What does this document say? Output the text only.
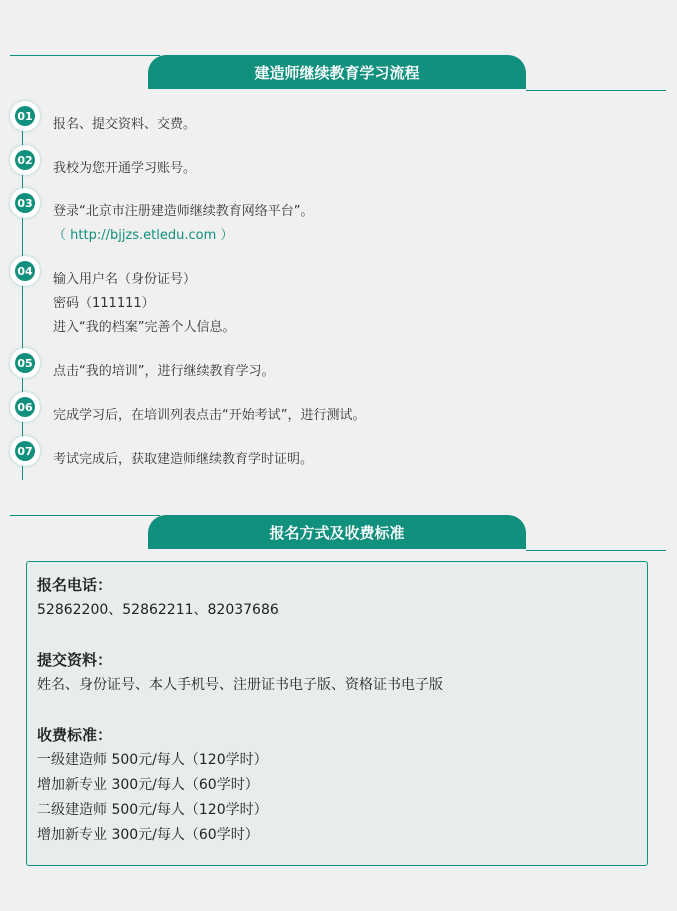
建造师继续教育学习流程
01
报名、提交资料、交费。
02
我校为您开通学习账号。
03
登录“北京市注册建造师继续教育网络平台”。
（ http://bjjzs.etledu.com ）
04
输入用户名（身份证号）
密码（111111）
进入“我的档案”完善个人信息。
05
点击“我的培训”，进行继续教育学习。
06
完成学习后，在培训列表点击“开始考试”，进行测试。
07
考试完成后，获取建造师继续教育学时证明。
报名方式及收费标准
报名电话：
52862200、52862211、82037686
提交资料：
姓名、身份证号、本人手机号、注册证书电子版、资格证书电子版
收费标准：
一级建造师 500元/每人（120学时）
增加新专业 300元/每人（60学时）
二级建造师 500元/每人（120学时）
增加新专业 300元/每人（60学时）
